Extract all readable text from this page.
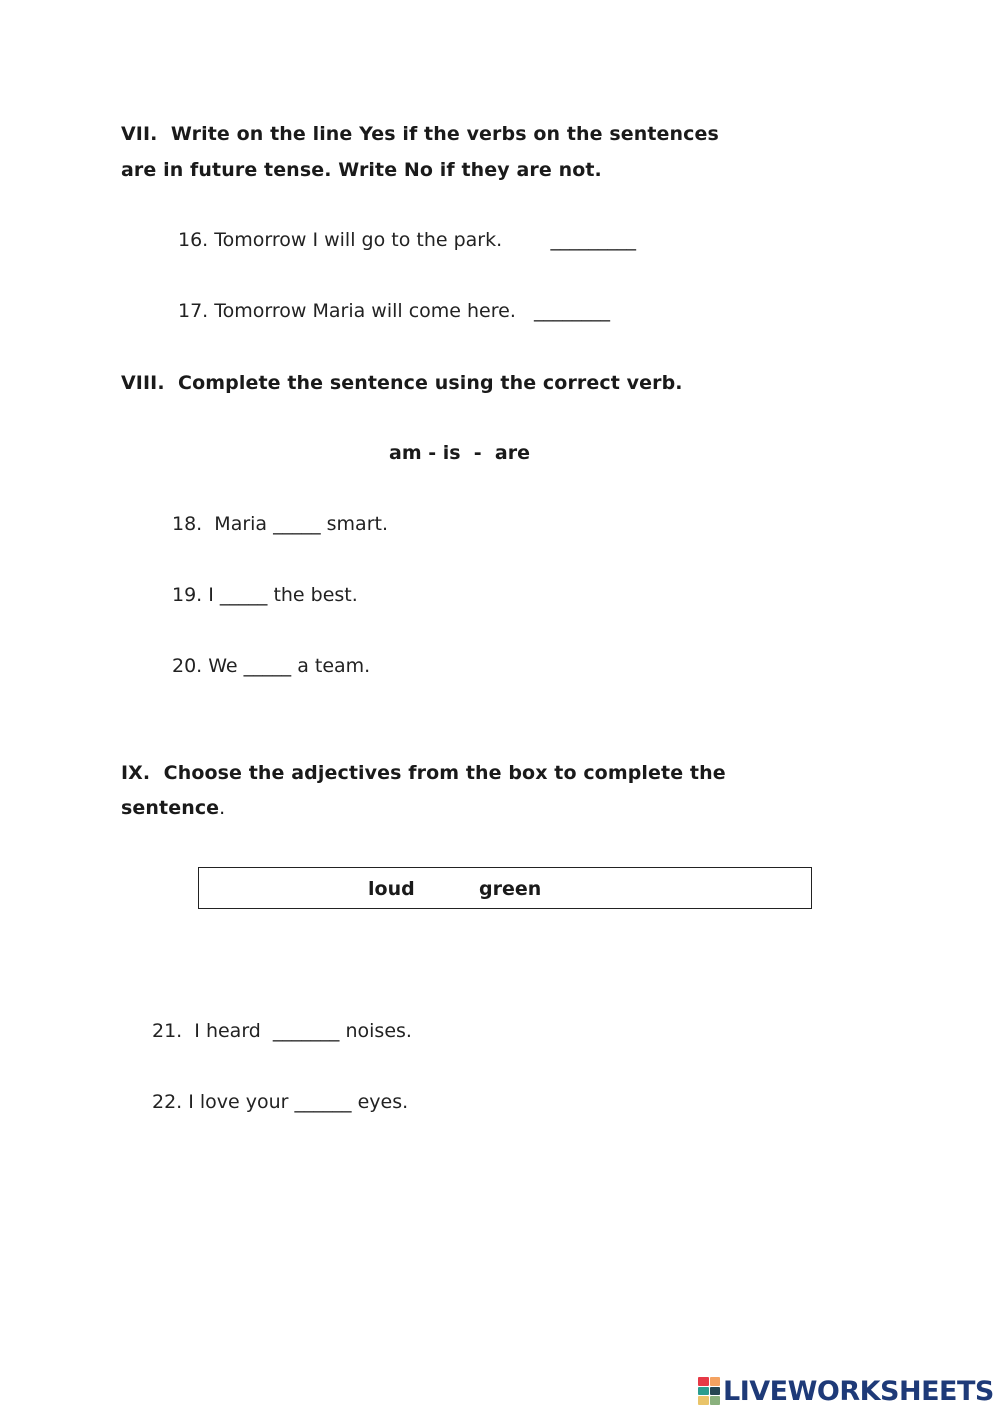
VII.  Write on the line Yes if the verbs on the sentences
are in future tense. Write No if they are not.
16. Tomorrow I will go to the park.        _________
17. Tomorrow Maria will come here.   ________
VIII.  Complete the sentence using the correct verb.
am - is  -  are
18.  Maria _____ smart.
19. I _____ the best.
20. We _____ a team.
IX.  Choose the adjectives from the box to complete the
sentence.
loud	green
21.  I heard  _______ noises.
22. I love your ______ eyes.
LIVEWORKSHEETS
